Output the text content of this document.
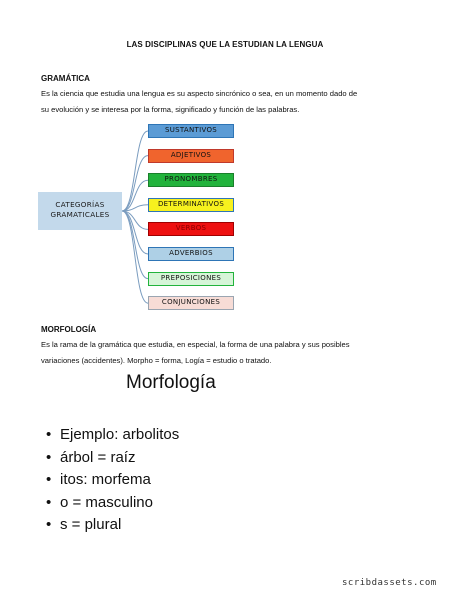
LAS DISCIPLINAS QUE LA ESTUDIAN LA LENGUA
GRAMÁTICA
Es la ciencia que estudia una lengua es su aspecto sincrónico o sea, en un momento dado de
su evolución y se interesa por la forma, significado y función de las palabras.
CATEGORÍAS
GRAMATICALES
SUSTANTIVOS
ADJETIVOS
PRONOMBRES
DETERMINATIVOS
VERBOS
ADVERBIOS
PREPOSICIONES
CONJUNCIONES
MORFOLOGÍA
Es la rama de la gramática que estudia, en especial, la forma de una palabra y sus posibles
variaciones (accidentes). Morpho = forma, Logía = estudio o tratado.
Morfología
• Ejemplo: arbolitos
• árbol = raíz
• itos: morfema
• o = masculino
• s = plural
scribdassets.com
